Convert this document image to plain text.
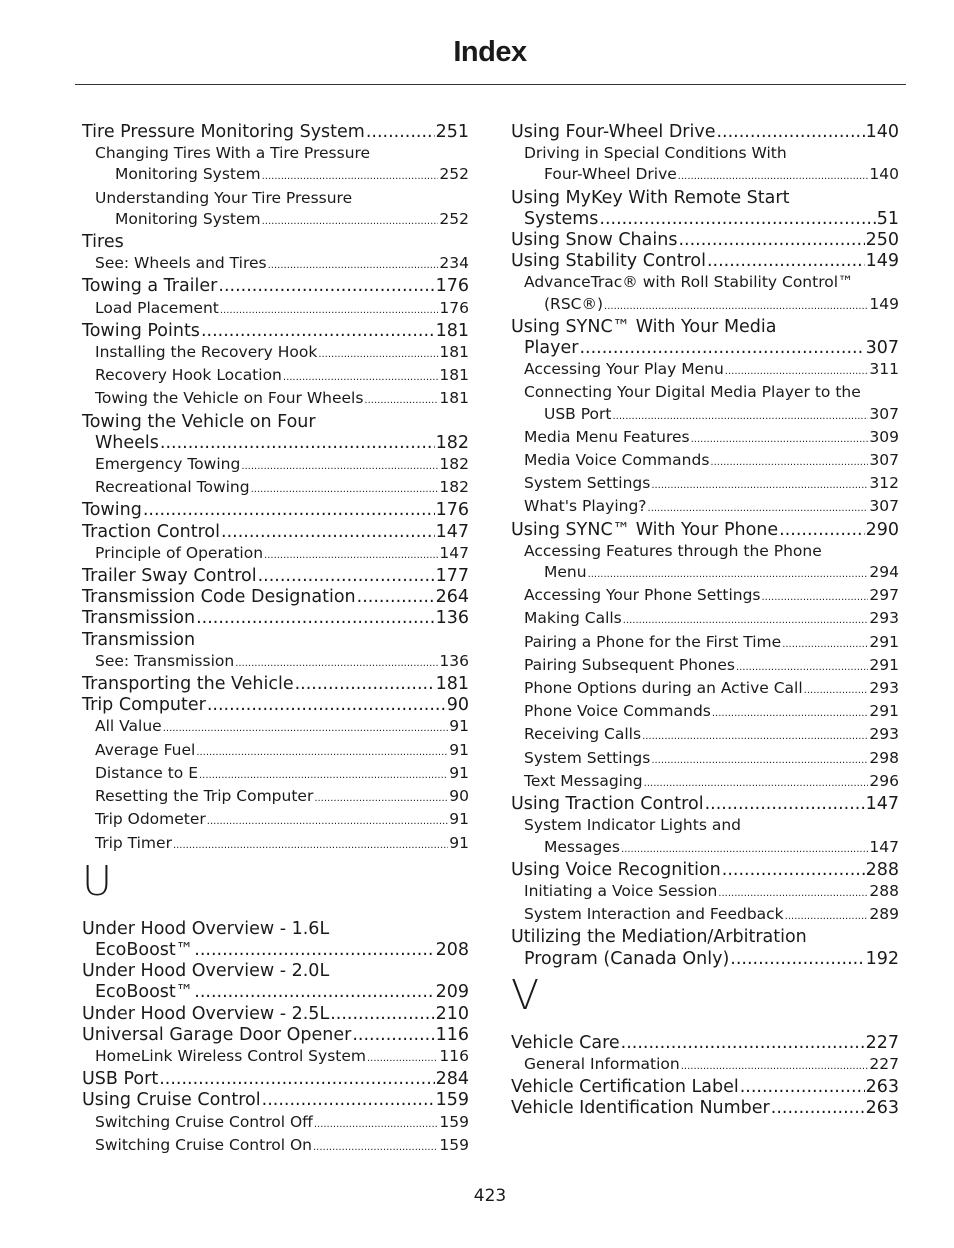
Index
Tire Pressure Monitoring System .....	251
Changing Tires With a Tire Pressure
Monitoring System .....	252
Understanding Your Tire Pressure
Monitoring System .....	252
Tires
See: Wheels and Tires .....	234
Towing a Trailer .....	176
Load Placement .....	176
Towing Points .....	181
Installing the Recovery Hook .....	181
Recovery Hook Location .....	181
Towing the Vehicle on Four Wheels .....	181
Towing the Vehicle on Four
Wheels .....	182
Emergency Towing .....	182
Recreational Towing .....	182
Towing .....	176
Traction Control .....	147
Principle of Operation .....	147
Trailer Sway Control .....	177
Transmission Code Designation .....	264
Transmission .....	136
Transmission
See: Transmission .....	136
Transporting the Vehicle .....	181
Trip Computer .....	90
All Value .....	91
Average Fuel .....	91
Distance to E .....	91
Resetting the Trip Computer .....	90
Trip Odometer .....	91
Trip Timer .....	91
U
Under Hood Overview - 1.6L
EcoBoost™ .....	208
Under Hood Overview - 2.0L
EcoBoost™ .....	209
Under Hood Overview - 2.5L .....	210
Universal Garage Door Opener .....	116
HomeLink Wireless Control System .....	116
USB Port .....	284
Using Cruise Control .....	159
Switching Cruise Control Off .....	159
Switching Cruise Control On .....	159
Using Four-Wheel Drive .....	140
Driving in Special Conditions With
Four-Wheel Drive .....	140
Using MyKey With Remote Start
Systems .....	51
Using Snow Chains .....	250
Using Stability Control .....	149
AdvanceTrac® with Roll Stability Control™
(RSC®) .....	149
Using SYNC™ With Your Media
Player .....	307
Accessing Your Play Menu .....	311
Connecting Your Digital Media Player to the
USB Port .....	307
Media Menu Features .....	309
Media Voice Commands .....	307
System Settings .....	312
What's Playing? .....	307
Using SYNC™ With Your Phone .....	290
Accessing Features through the Phone
Menu .....	294
Accessing Your Phone Settings .....	297
Making Calls .....	293
Pairing a Phone for the First Time .....	291
Pairing Subsequent Phones .....	291
Phone Options during an Active Call .....	293
Phone Voice Commands .....	291
Receiving Calls .....	293
System Settings .....	298
Text Messaging .....	296
Using Traction Control .....	147
System Indicator Lights and
Messages .....	147
Using Voice Recognition .....	288
Initiating a Voice Session .....	288
System Interaction and Feedback .....	289
Utilizing the Mediation/Arbitration
Program (Canada Only) .....	192
V
Vehicle Care .....	227
General Information .....	227
Vehicle Certification Label .....	263
Vehicle Identification Number .....	263
423
